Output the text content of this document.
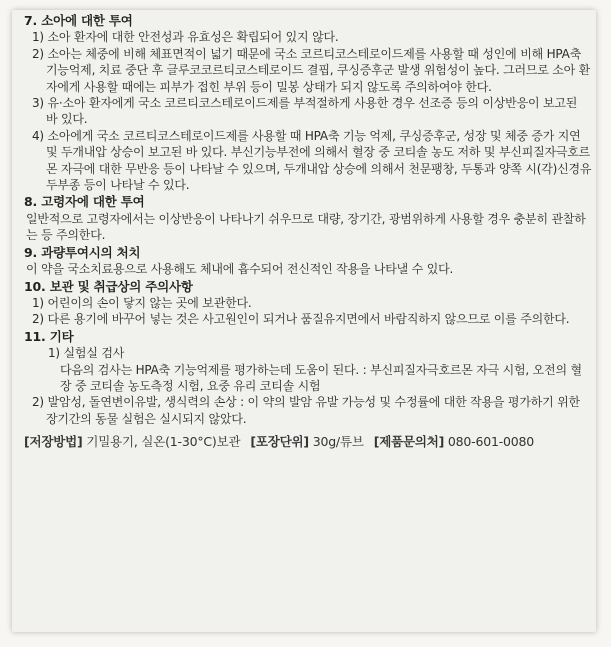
7. 소아에 대한 투여
1) 소아 환자에 대한 안전성과 유효성은 확립되어 있지 않다.
2) 소아는 체중에 비해 체표면적이 넓기 때문에 국소 코르티코스테로이드제를 사용할 때 성인에 비해 HPA축 기능억제, 치료 중단 후 글루코코르티코스테로이드 결핍, 쿠싱증후군 발생 위험성이 높다. 그러므로 소아 환자에게 사용할 때에는 피부가 접힌 부위 등이 밀봉 상태가 되지 않도록 주의하여야 한다.
3) 유·소아 환자에게 국소 코르티코스테로이드제를 부적절하게 사용한 경우 선조증 등의 이상반응이 보고된 바 있다.
4) 소아에게 국소 코르티코스테로이드제를 사용할 때 HPA축 기능 억제, 쿠싱증후군, 성장 및 체중 증가 지연 및 두개내압 상승이 보고된 바 있다. 부신기능부전에 의해서 혈장 중 코티솔 농도 저하 및 부신피질자극호르몬 자극에 대한 무반응 등이 나타날 수 있으며, 두개내압 상승에 의해서 천문팽창, 두통과 양쪽 시(각)신경유두부종 등이 나타날 수 있다.
8. 고령자에 대한 투여
일반적으로 고령자에서는 이상반응이 나타나기 쉬우므로 대량, 장기간, 광범위하게 사용할 경우 충분히 관찰하는 등 주의한다.
9. 과량투여시의 처치
이 약을 국소치료용으로 사용해도 체내에 흡수되어 전신적인 작용을 나타낼 수 있다.
10. 보관 및 취급상의 주의사항
1) 어린이의 손이 닿지 않는 곳에 보관한다.
2) 다른 용기에 바꾸어 넣는 것은 사고원인이 되거나 품질유지면에서 바람직하지 않으므로 이를 주의한다.
11. 기타
1) 실험실 검사
다음의 검사는 HPA축 기능억제를 평가하는데 도움이 된다. : 부신피질자극호르몬 자극 시험, 오전의 혈장 중 코티솔 농도측정 시험, 요중 유리 코티솔 시험
2) 발암성, 돌연변이유발, 생식력의 손상 : 이 약의 발암 유발 가능성 및 수정률에 대한 작용을 평가하기 위한 장기간의 동물 실험은 실시되지 않았다.
[저장방법] 기밀용기, 실온(1-30°C)보관 [포장단위] 30g/튜브 [제품문의처] 080-601-0080
